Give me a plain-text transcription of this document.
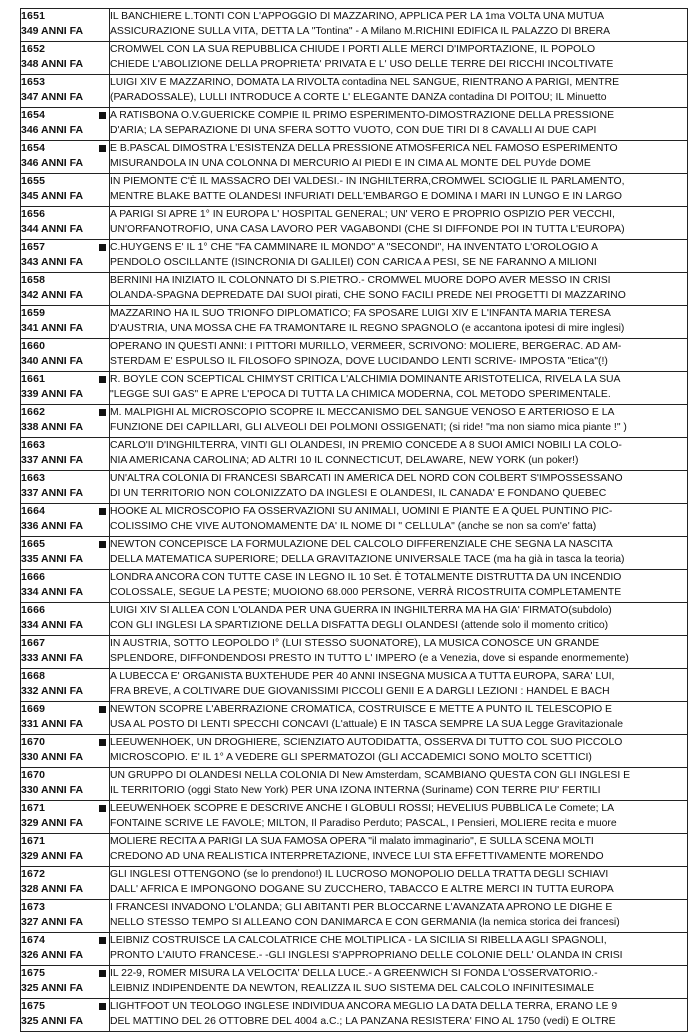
1651
349 ANNI FA	IL BANCHIERE L.TONTI CON L'APPOGGIO DI MAZZARINO, APPLICA PER LA 1ma VOLTA UNA MUTUA
ASSICURAZIONE SULLA VITA, DETTA LA "Tontina" - A Milano M.RICHINI EDIFICA IL PALAZZO DI BRERA

1652
348 ANNI FA	CROMWEL CON LA SUA REPUBBLICA CHIUDE I PORTI ALLE MERCI D'IMPORTAZIONE, IL POPOLO
CHIEDE L'ABOLIZIONE DELLA PROPRIETA' PRIVATA E L' USO DELLE TERRE DEI RICCHI INCOLTIVATE

1653
347 ANNI FA	LUIGI XIV E MAZZARINO, DOMATA LA RIVOLTA contadina NEL SANGUE, RIENTRANO A PARIGI, MENTRE
(PARADOSSALE), LULLI INTRODUCE A CORTE L' ELEGANTE DANZA contadina DI POITOU; IL Minuetto

1654
346 ANNI FA	A RATISBONA O.V.GUERICKE COMPIE IL PRIMO ESPERIMENTO-DIMOSTRAZIONE DELLA PRESSIONE
D'ARIA; LA SEPARAZIONE DI UNA SFERA SOTTO VUOTO, CON DUE TIRI DI 8 CAVALLI AI DUE CAPI

1654
346 ANNI FA	E B.PASCAL DIMOSTRA L'ESISTENZA DELLA PRESSIONE ATMOSFERICA NEL FAMOSO ESPERIMENTO
MISURANDOLA IN UNA COLONNA DI MERCURIO AI PIEDI E IN CIMA AL MONTE DEL PUYde DOME

1655
345 ANNI FA	IN PIEMONTE C'È IL MASSACRO DEI VALDESI.- IN INGHILTERRA,CROMWEL SCIOGLIE IL PARLAMENTO,
MENTRE BLAKE BATTE OLANDESI INFURIATI DELL'EMBARGO E DOMINA I MARI IN LUNGO E IN LARGO

1656
344 ANNI FA	A PARIGI SI APRE 1° IN EUROPA L' HOSPITAL GENERAL; UN' VERO E PROPRIO OSPIZIO PER VECCHI,
UN'ORFANOTROFIO, UNA CASA LAVORO PER VAGABONDI (CHE SI DIFFONDE POI IN TUTTA L'EUROPA)

1657
343 ANNI FA	C.HUYGENS E' IL 1° CHE "FA CAMMINARE IL MONDO" A "SECONDI", HA INVENTATO L'OROLOGIO A
PENDOLO OSCILLANTE (ISINCRONIA DI GALILEI) CON CARICA A PESI, SE NE FARANNO A MILIONI

1658
342 ANNI FA	BERNINI HA INIZIATO IL COLONNATO DI S.PIETRO.- CROMWEL MUORE DOPO AVER MESSO IN CRISI
OLANDA-SPAGNA DEPREDATE DAI SUOI pirati, CHE SONO FACILI PREDE NEI PROGETTI DI MAZZARINO

1659
341 ANNI FA	MAZZARINO HA IL SUO TRIONFO DIPLOMATICO; FA SPOSARE LUIGI XIV E L'INFANTA MARIA TERESA
D'AUSTRIA, UNA MOSSA CHE FA TRAMONTARE IL REGNO SPAGNOLO (e accantona ipotesi di mire inglesi)

1660
340 ANNI FA	OPERANO IN QUESTI ANNI: I PITTORI MURILLO, VERMEER, SCRIVONO: MOLIERE, BERGERAC. AD AM-
STERDAM E' ESPULSO IL FILOSOFO SPINOZA, DOVE LUCIDANDO LENTI SCRIVE- IMPOSTA "Etica"(!)

1661
339 ANNI FA	R. BOYLE CON SCEPTICAL CHIMYST CRITICA L'ALCHIMIA DOMINANTE ARISTOTELICA, RIVELA LA SUA
"LEGGE SUI GAS" E APRE L'EPOCA DI TUTTA LA CHIMICA MODERNA, COL METODO SPERIMENTALE.

1662
338 ANNI FA	M. MALPIGHI AL MICROSCOPIO SCOPRE IL MECCANISMO DEL SANGUE VENOSO E ARTERIOSO E LA
FUNZIONE DEI CAPILLARI, GLI ALVEOLI DEI POLMONI OSSIGENATI; (si ride! "ma non siamo mica piante !" )

1663
337 ANNI FA	CARLO'II D'INGHILTERRA, VINTI GLI OLANDESI, IN PREMIO CONCEDE A 8 SUOI AMICI NOBILI LA COLO-
NIA AMERICANA CAROLINA; AD ALTRI 10 IL CONNECTICUT, DELAWARE, NEW YORK (un poker!)

1663
337 ANNI FA	UN'ALTRA COLONIA DI FRANCESI SBARCATI IN AMERICA DEL NORD CON COLBERT S'IMPOSSESSANO
DI UN TERRITORIO NON COLONIZZATO DA INGLESI E OLANDESI, IL CANADA' E FONDANO QUEBEC

1664
336 ANNI FA	HOOKE AL MICROSCOPIO FA OSSERVAZIONI SU ANIMALI, UOMINI E PIANTE E A QUEL PUNTINO PIC-
COLISSIMO CHE VIVE AUTONOMAMENTE DA' IL NOME DI " CELLULA" (anche se non sa com'e' fatta)

1665
335 ANNI FA	NEWTON CONCEPISCE LA FORMULAZIONE DEL CALCOLO DIFFERENZIALE CHE SEGNA LA NASCITA
DELLA MATEMATICA SUPERIORE; DELLA GRAVITAZIONE UNIVERSALE TACE (ma ha già in tasca la teoria)

1666
334 ANNI FA	LONDRA ANCORA CON TUTTE CASE IN LEGNO IL 10 Set. È TOTALMENTE DISTRUTTA DA UN INCENDIO
COLOSSALE, SEGUE LA PESTE; MUOIONO 68.000 PERSONE, VERRÀ RICOSTRUITA COMPLETAMENTE

1666
334 ANNI FA	LUIGI XIV SI ALLEA CON L'OLANDA PER UNA GUERRA IN INGHILTERRA MA HA GIA' FIRMATO(subdolo)
CON GLI INGLESI LA SPARTIZIONE DELLA DISFATTA DEGLI OLANDESI (attende solo il momento critico)

1667
333 ANNI FA	IN AUSTRIA, SOTTO LEOPOLDO I° (LUI STESSO SUONATORE), LA MUSICA CONOSCE UN GRANDE
SPLENDORE, DIFFONDENDOSI PRESTO IN TUTTO L' IMPERO (e a Venezia, dove si espande enormemente)

1668
332 ANNI FA	A LUBECCA E' ORGANISTA BUXTEHUDE PER 40 ANNI INSEGNA MUSICA A TUTTA EUROPA, SARA' LUI,
FRA BREVE, A COLTIVARE DUE GIOVANISSIMI PICCOLI GENII E A DARGLI LEZIONI : HANDEL E BACH

1669
331 ANNI FA	NEWTON SCOPRE L'ABERRAZIONE CROMATICA, COSTRUISCE E METTE A PUNTO IL TELESCOPIO E
USA AL POSTO DI LENTI SPECCHI CONCAVI (L'attuale) E IN TASCA SEMPRE LA SUA Legge Gravitazionale

1670
330 ANNI FA	LEEUWENHOEK, UN DROGHIERE, SCIENZIATO AUTODIDATTA, OSSERVA DI TUTTO COL SUO PICCOLO
MICROSCOPIO. E' IL 1° A VEDERE GLI SPERMATOZOI (GLI ACCADEMICI SONO MOLTO SCETTICI)

1670
330 ANNI FA	UN GRUPPO DI OLANDESI NELLA COLONIA DI New Amsterdam, SCAMBIANO QUESTA CON GLI INGLESI E
IL TERRITORIO (oggi Stato New York) PER UNA IZONA INTERNA (Suriname) CON TERRE PIU' FERTILI

1671
329 ANNI FA	LEEUWENHOEK SCOPRE E DESCRIVE ANCHE I GLOBULI ROSSI; HEVELIUS PUBBLICA Le Comete; LA
FONTAINE SCRIVE LE FAVOLE; MILTON, Il Paradiso Perduto; PASCAL, I Pensieri, MOLIERE recita e muore

1671
329 ANNI FA	MOLIERE RECITA A PARIGI LA SUA FAMOSA OPERA "il malato immaginario", E SULLA SCENA MOLTI
CREDONO AD UNA REALISTICA INTERPRETAZIONE, INVECE LUI STA EFFETTIVAMENTE MORENDO

1672
328 ANNI FA	GLI INGLESI OTTENGONO (se lo prendono!) IL LUCROSO MONOPOLIO DELLA TRATTA DEGLI SCHIAVI
DALL' AFRICA E IMPONGONO DOGANE SU ZUCCHERO, TABACCO E ALTRE MERCI IN TUTTA EUROPA

1673
327 ANNI FA	I FRANCESI INVADONO L'OLANDA; GLI ABITANTI PER BLOCCARNE L'AVANZATA APRONO LE DIGHE E
NELLO STESSO TEMPO SI ALLEANO CON DANIMARCA E CON GERMANIA (la nemica storica dei francesi)

1674
326 ANNI FA	LEIBNIZ COSTRUISCE LA CALCOLATRICE CHE MOLTIPLICA - LA SICILIA SI RIBELLA AGLI SPAGNOLI,
PRONTO L'AIUTO FRANCESE.- -GLI INGLESI S'APPROPRIANO DELLE COLONIE DELL' OLANDA IN CRISI

1675
325 ANNI FA	IL 22-9, ROMER MISURA LA VELOCITA' DELLA LUCE.- A GREENWICH SI FONDA L'OSSERVATORIO.-
LEIBNIZ INDIPENDENTE DA NEWTON, REALIZZA IL SUO SISTEMA DEL CALCOLO INFINITESIMALE

1675
325 ANNI FA	LIGHTFOOT UN TEOLOGO INGLESE INDIVIDUA ANCORA MEGLIO LA DATA DELLA TERRA, ERANO LE 9
DEL MATTINO DEL 26 OTTOBRE DEL 4004 a.C.; LA PANZANA RESISTERA' FINO AL 1750 (vedi) E OLTRE
